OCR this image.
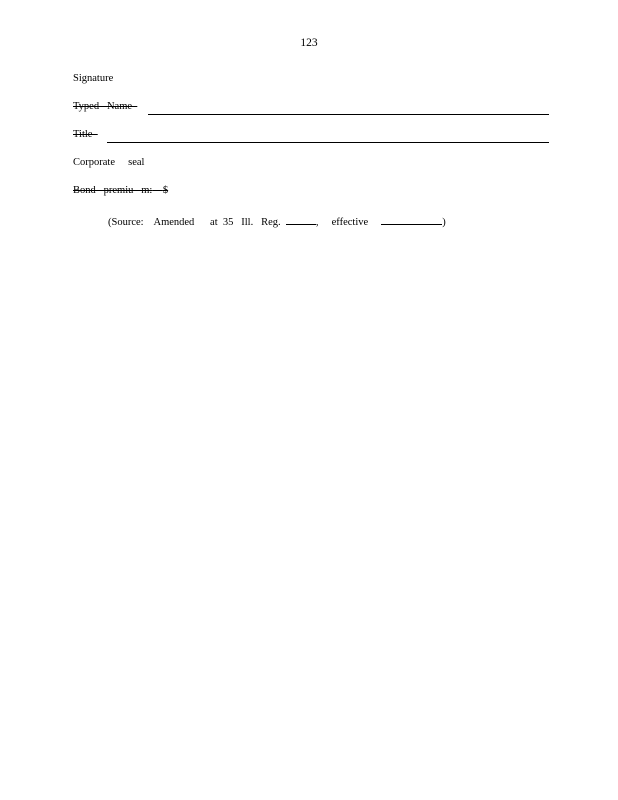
123
Signature
Typed   Name
Title
Corporate     seal
Bond   premiu   m: $
(Source:    Amended      at  35   Ill.   Reg.	,     effective	)
